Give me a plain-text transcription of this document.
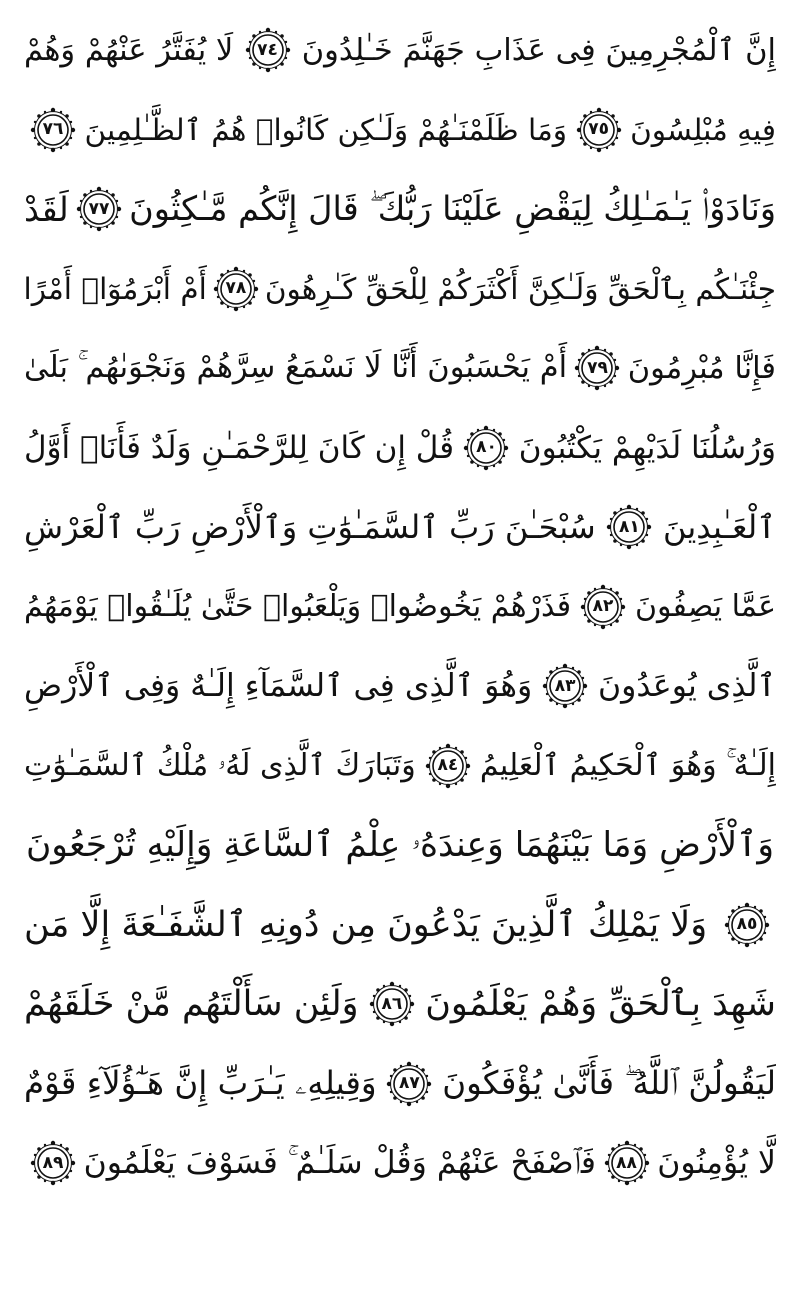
إِنَّ ٱلْمُجْرِمِينَ فِى عَذَابِ جَهَنَّمَ خَـٰلِدُونَ
٧٤
لَا يُفَتَّرُ عَنْهُمْ وَهُمْ
فِيهِ مُبْلِسُونَ
٧٥
وَمَا ظَلَمْنَـٰهُمْ وَلَـٰكِن كَانُوا۟ هُمُ ٱلظَّـٰلِمِينَ
٧٦
وَنَادَوْا۟ يَـٰمَـٰلِكُ لِيَقْضِ عَلَيْنَا رَبُّكَ ۖ قَالَ إِنَّكُم مَّـٰكِثُونَ
٧٧
لَقَدْ
جِئْنَـٰكُم بِٱلْحَقِّ وَلَـٰكِنَّ أَكْثَرَكُمْ لِلْحَقِّ كَـٰرِهُونَ
٧٨
أَمْ أَبْرَمُوٓا۟ أَمْرًا
فَإِنَّا مُبْرِمُونَ
٧٩
أَمْ يَحْسَبُونَ أَنَّا لَا نَسْمَعُ سِرَّهُمْ وَنَجْوَىٰهُم ۚ بَلَىٰ
وَرُسُلُنَا لَدَيْهِمْ يَكْتُبُونَ
٨٠
قُلْ إِن كَانَ لِلرَّحْمَـٰنِ وَلَدٌ فَأَنَا۠ أَوَّلُ
ٱلْعَـٰبِدِينَ
٨١
سُبْحَـٰنَ رَبِّ ٱلسَّمَـٰوَٰتِ وَٱلْأَرْضِ رَبِّ ٱلْعَرْشِ
عَمَّا يَصِفُونَ
٨٢
فَذَرْهُمْ يَخُوضُوا۟ وَيَلْعَبُوا۟ حَتَّىٰ يُلَـٰقُوا۟ يَوْمَهُمُ
ٱلَّذِى يُوعَدُونَ
٨٣
وَهُوَ ٱلَّذِى فِى ٱلسَّمَآءِ إِلَـٰهٌ وَفِى ٱلْأَرْضِ
إِلَـٰهٌ ۚ وَهُوَ ٱلْحَكِيمُ ٱلْعَلِيمُ
٨٤
وَتَبَارَكَ ٱلَّذِى لَهُۥ مُلْكُ ٱلسَّمَـٰوَٰتِ
وَٱلْأَرْضِ وَمَا بَيْنَهُمَا وَعِندَهُۥ عِلْمُ ٱلسَّاعَةِ وَإِلَيْهِ تُرْجَعُونَ
٨٥
وَلَا يَمْلِكُ ٱلَّذِينَ يَدْعُونَ مِن دُونِهِ ٱلشَّفَـٰعَةَ إِلَّا مَن
شَهِدَ بِٱلْحَقِّ وَهُمْ يَعْلَمُونَ
٨٦
وَلَئِن سَأَلْتَهُم مَّنْ خَلَقَهُمْ
لَيَقُولُنَّ ٱللَّهُ ۖ فَأَنَّىٰ يُؤْفَكُونَ
٨٧
وَقِيلِهِۦ يَـٰرَبِّ إِنَّ هَـٰٓؤُلَآءِ قَوْمٌ
لَّا يُؤْمِنُونَ
٨٨
فَٱصْفَحْ عَنْهُمْ وَقُلْ سَلَـٰمٌ ۚ فَسَوْفَ يَعْلَمُونَ
٨٩
